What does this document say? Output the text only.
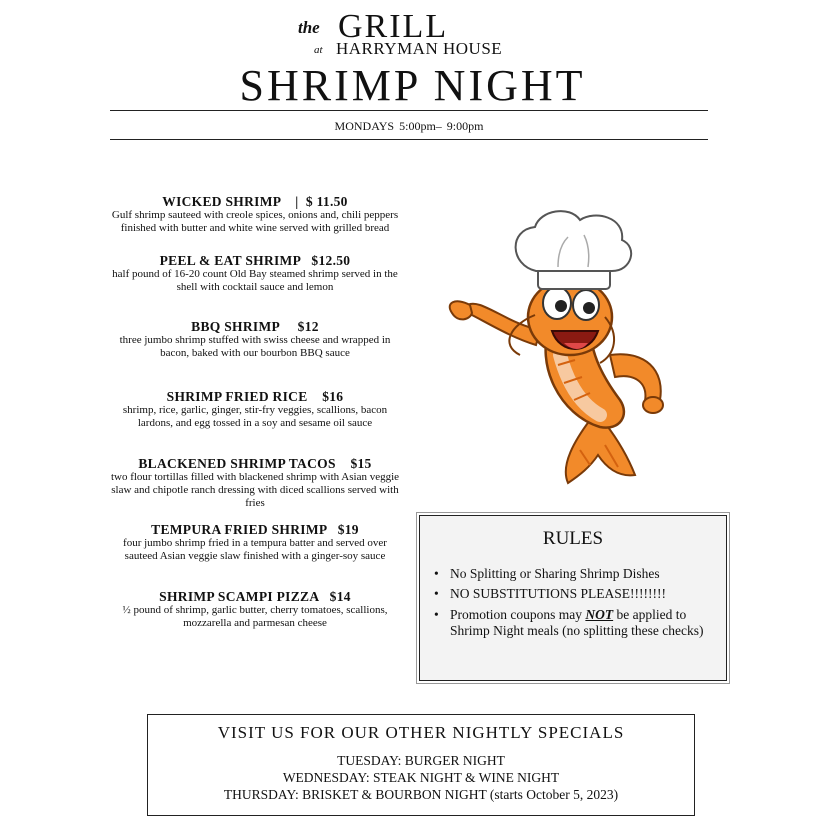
the GRILL
at HARRYMAN HOUSE
SHRIMP NIGHT
MONDAYS 5:00pm– 9:00pm
WICKED SHRIMP    |  $ 11.50
Gulf shrimp sauteed with creole spices, onions and, chili peppers finished with butter and white wine served with grilled bread
PEEL & EAT SHRIMP   $12.50
half pound of 16-20 count Old Bay steamed shrimp served in the shell with cocktail sauce and lemon
BBQ SHRIMP     $12
three jumbo shrimp stuffed with swiss cheese and wrapped in bacon, baked with our bourbon BBQ sauce
SHRIMP FRIED RICE    $16
shrimp, rice, garlic, ginger, stir-fry veggies, scallions, bacon lardons, and egg tossed in a soy and sesame oil sauce
BLACKENED SHRIMP TACOS    $15
two flour tortillas filled with blackened shrimp with Asian veggie slaw and chipotle ranch dressing with diced scallions served with fries
TEMPURA FRIED SHRIMP   $19
four jumbo shrimp fried in a tempura batter and served over sauteed Asian veggie slaw finished with a ginger-soy sauce
SHRIMP SCAMPI PIZZA   $14
½ pound of shrimp, garlic butter, cherry tomatoes, scallions, mozzarella and parmesan cheese
RULES
• No Splitting or Sharing Shrimp Dishes
• NO SUBSTITUTIONS PLEASE!!!!!!!!
• Promotion coupons may NOT be applied to Shrimp Night meals (no splitting these checks)
VISIT US FOR OUR OTHER NIGHTLY SPECIALS
TUESDAY: BURGER NIGHT
WEDNESDAY: STEAK NIGHT & WINE NIGHT
THURSDAY: BRISKET & BOURBON NIGHT (starts October 5, 2023)
